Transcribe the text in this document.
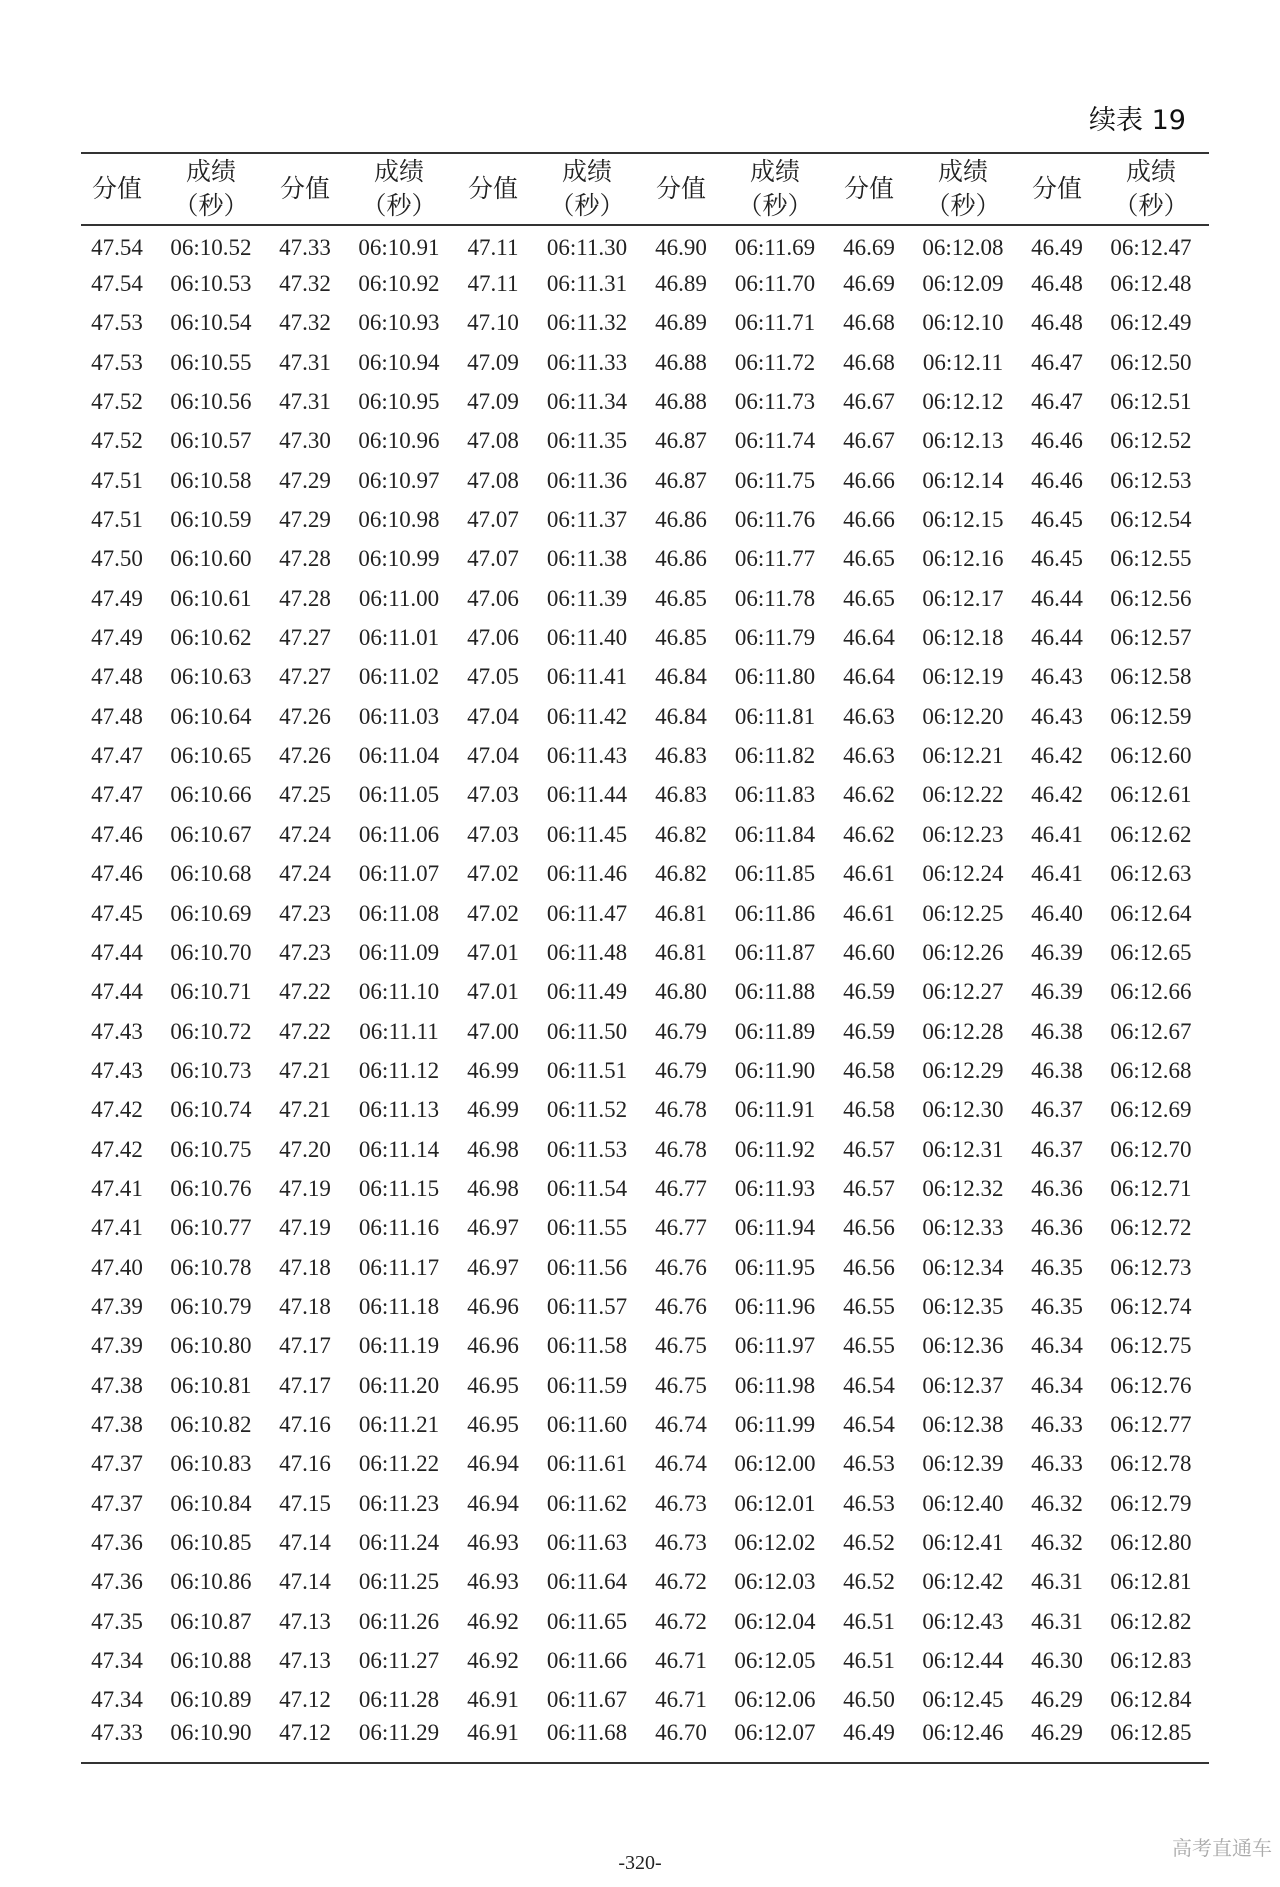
续表 19
分值	成绩
（秒）	分值	成绩
（秒）	分值	成绩
（秒）	分值	成绩
（秒）	分值	成绩
（秒）	分值	成绩
（秒）

47.54	06:10.52	47.33	06:10.91	47.11	06:11.30	46.90	06:11.69	46.69	06:12.08	46.49	06:12.47
47.54	06:10.53	47.32	06:10.92	47.11	06:11.31	46.89	06:11.70	46.69	06:12.09	46.48	06:12.48
47.53	06:10.54	47.32	06:10.93	47.10	06:11.32	46.89	06:11.71	46.68	06:12.10	46.48	06:12.49
47.53	06:10.55	47.31	06:10.94	47.09	06:11.33	46.88	06:11.72	46.68	06:12.11	46.47	06:12.50
47.52	06:10.56	47.31	06:10.95	47.09	06:11.34	46.88	06:11.73	46.67	06:12.12	46.47	06:12.51
47.52	06:10.57	47.30	06:10.96	47.08	06:11.35	46.87	06:11.74	46.67	06:12.13	46.46	06:12.52
47.51	06:10.58	47.29	06:10.97	47.08	06:11.36	46.87	06:11.75	46.66	06:12.14	46.46	06:12.53
47.51	06:10.59	47.29	06:10.98	47.07	06:11.37	46.86	06:11.76	46.66	06:12.15	46.45	06:12.54
47.50	06:10.60	47.28	06:10.99	47.07	06:11.38	46.86	06:11.77	46.65	06:12.16	46.45	06:12.55
47.49	06:10.61	47.28	06:11.00	47.06	06:11.39	46.85	06:11.78	46.65	06:12.17	46.44	06:12.56
47.49	06:10.62	47.27	06:11.01	47.06	06:11.40	46.85	06:11.79	46.64	06:12.18	46.44	06:12.57
47.48	06:10.63	47.27	06:11.02	47.05	06:11.41	46.84	06:11.80	46.64	06:12.19	46.43	06:12.58
47.48	06:10.64	47.26	06:11.03	47.04	06:11.42	46.84	06:11.81	46.63	06:12.20	46.43	06:12.59
47.47	06:10.65	47.26	06:11.04	47.04	06:11.43	46.83	06:11.82	46.63	06:12.21	46.42	06:12.60
47.47	06:10.66	47.25	06:11.05	47.03	06:11.44	46.83	06:11.83	46.62	06:12.22	46.42	06:12.61
47.46	06:10.67	47.24	06:11.06	47.03	06:11.45	46.82	06:11.84	46.62	06:12.23	46.41	06:12.62
47.46	06:10.68	47.24	06:11.07	47.02	06:11.46	46.82	06:11.85	46.61	06:12.24	46.41	06:12.63
47.45	06:10.69	47.23	06:11.08	47.02	06:11.47	46.81	06:11.86	46.61	06:12.25	46.40	06:12.64
47.44	06:10.70	47.23	06:11.09	47.01	06:11.48	46.81	06:11.87	46.60	06:12.26	46.39	06:12.65
47.44	06:10.71	47.22	06:11.10	47.01	06:11.49	46.80	06:11.88	46.59	06:12.27	46.39	06:12.66
47.43	06:10.72	47.22	06:11.11	47.00	06:11.50	46.79	06:11.89	46.59	06:12.28	46.38	06:12.67
47.43	06:10.73	47.21	06:11.12	46.99	06:11.51	46.79	06:11.90	46.58	06:12.29	46.38	06:12.68
47.42	06:10.74	47.21	06:11.13	46.99	06:11.52	46.78	06:11.91	46.58	06:12.30	46.37	06:12.69
47.42	06:10.75	47.20	06:11.14	46.98	06:11.53	46.78	06:11.92	46.57	06:12.31	46.37	06:12.70
47.41	06:10.76	47.19	06:11.15	46.98	06:11.54	46.77	06:11.93	46.57	06:12.32	46.36	06:12.71
47.41	06:10.77	47.19	06:11.16	46.97	06:11.55	46.77	06:11.94	46.56	06:12.33	46.36	06:12.72
47.40	06:10.78	47.18	06:11.17	46.97	06:11.56	46.76	06:11.95	46.56	06:12.34	46.35	06:12.73
47.39	06:10.79	47.18	06:11.18	46.96	06:11.57	46.76	06:11.96	46.55	06:12.35	46.35	06:12.74
47.39	06:10.80	47.17	06:11.19	46.96	06:11.58	46.75	06:11.97	46.55	06:12.36	46.34	06:12.75
47.38	06:10.81	47.17	06:11.20	46.95	06:11.59	46.75	06:11.98	46.54	06:12.37	46.34	06:12.76
47.38	06:10.82	47.16	06:11.21	46.95	06:11.60	46.74	06:11.99	46.54	06:12.38	46.33	06:12.77
47.37	06:10.83	47.16	06:11.22	46.94	06:11.61	46.74	06:12.00	46.53	06:12.39	46.33	06:12.78
47.37	06:10.84	47.15	06:11.23	46.94	06:11.62	46.73	06:12.01	46.53	06:12.40	46.32	06:12.79
47.36	06:10.85	47.14	06:11.24	46.93	06:11.63	46.73	06:12.02	46.52	06:12.41	46.32	06:12.80
47.36	06:10.86	47.14	06:11.25	46.93	06:11.64	46.72	06:12.03	46.52	06:12.42	46.31	06:12.81
47.35	06:10.87	47.13	06:11.26	46.92	06:11.65	46.72	06:12.04	46.51	06:12.43	46.31	06:12.82
47.34	06:10.88	47.13	06:11.27	46.92	06:11.66	46.71	06:12.05	46.51	06:12.44	46.30	06:12.83
47.34	06:10.89	47.12	06:11.28	46.91	06:11.67	46.71	06:12.06	46.50	06:12.45	46.29	06:12.84
47.33	06:10.90	47.12	06:11.29	46.91	06:11.68	46.70	06:12.07	46.49	06:12.46	46.29	06:12.85
-320-
高考直通车
